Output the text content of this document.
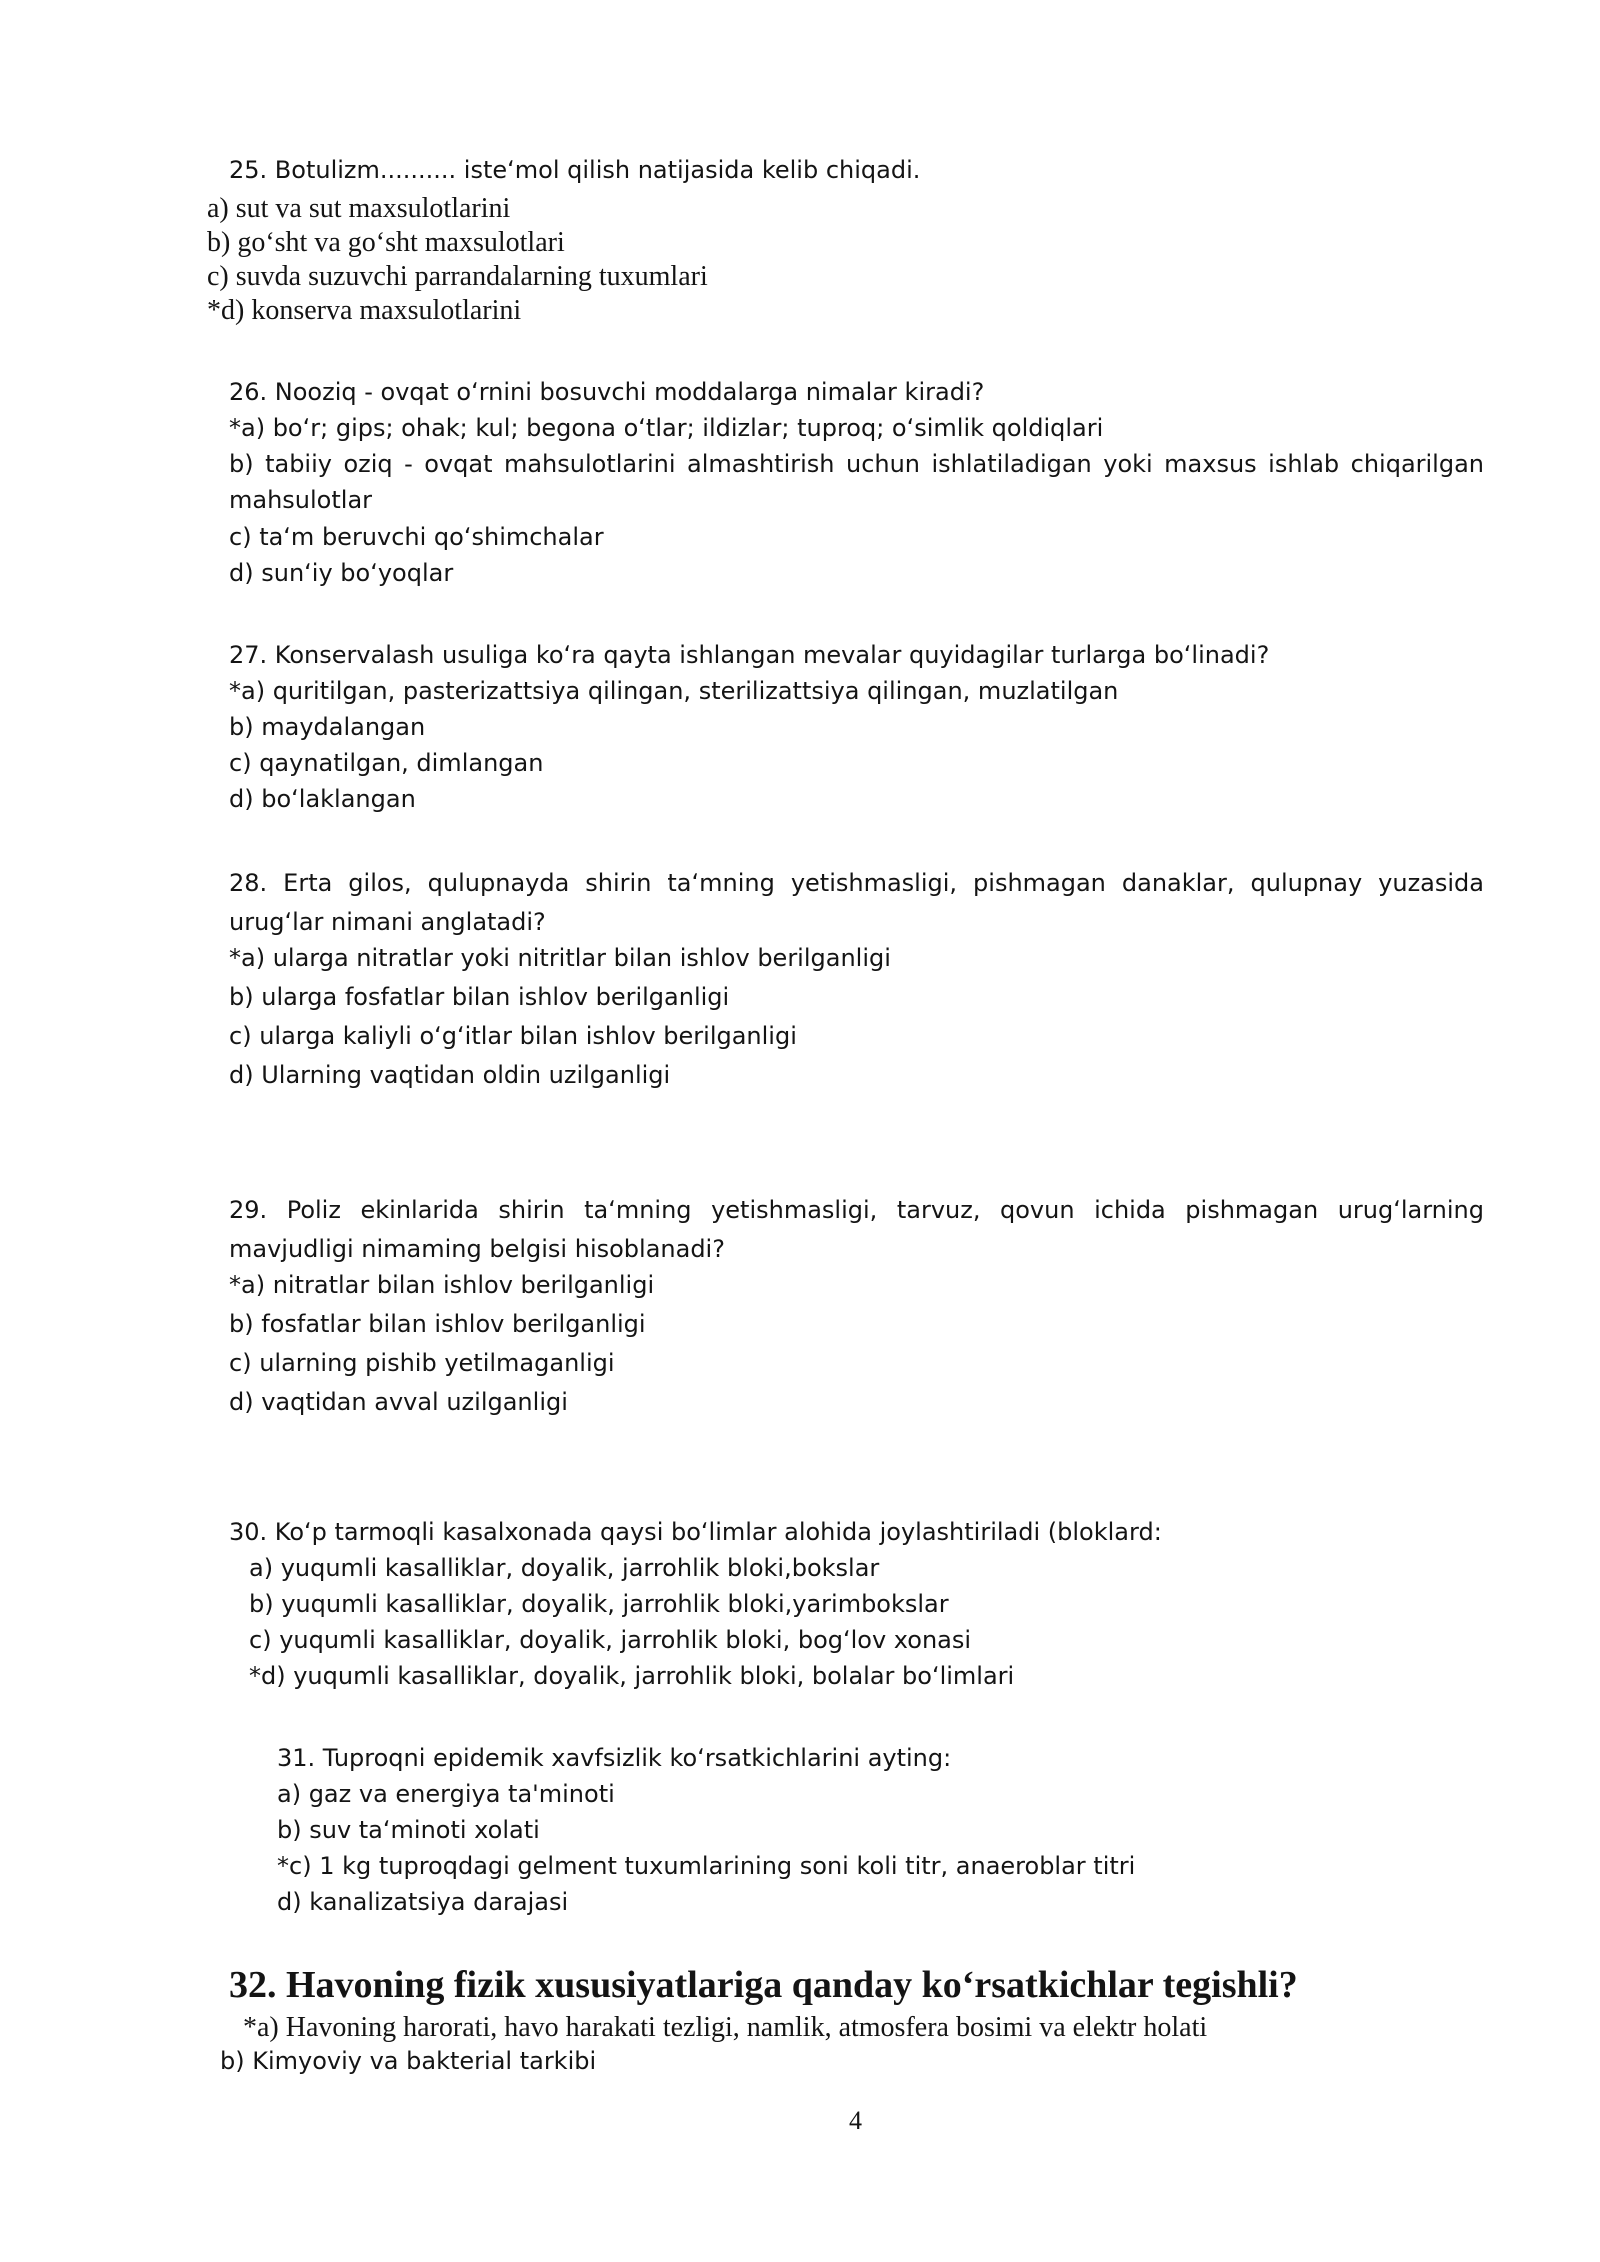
25. Botulizm.......... isteʻmol qilish natijasida kelib chiqadi.
a) sut va sut maxsulotlarini
b) goʻsht va goʻsht maxsulotlari
c) suvda suzuvchi parrandalarning tuxumlari
*d) konserva maxsulotlarini
26. Nooziq - ovqat oʻrnini bosuvchi moddalarga nimalar kiradi?
*a) boʻr; gips; ohak; kul; begona oʻtlar; ildizlar; tuproq; oʻsimlik qoldiqlari
b) tabiiy oziq - ovqat mahsulotlarini almashtirish uchun ishlatiladigan yoki maxsus ishlab chiqarilgan mahsulotlar
c) taʻm beruvchi qoʻshimchalar
d) sunʻiy boʻyoqlar
27. Konservalash usuliga koʻra qayta ishlangan mevalar quyidagilar turlarga boʻlinadi?
*a) quritilgan, pasterizattsiya qilingan, sterilizattsiya qilingan, muzlatilgan
b) maydalangan
c) qaynatilgan, dimlangan
d) boʻlaklangan
28. Erta gilos, qulupnayda shirin taʻmning yetishmasligi, pishmagan danaklar, qulupnay yuzasida urugʻlar nimani anglatadi?
*a) ularga nitratlar yoki nitritlar bilan ishlov berilganligi
b) ularga fosfatlar bilan ishlov berilganligi
c) ularga kaliyli oʻgʻitlar bilan ishlov berilganligi
d) Ularning vaqtidan oldin uzilganligi
29. Poliz ekinlarida shirin taʻmning yetishmasligi, tarvuz, qovun ichida pishmagan urugʻlarning mavjudligi nimaming belgisi hisoblanadi?
*a) nitratlar bilan ishlov berilganligi
b) fosfatlar bilan ishlov berilganligi
c) ularning pishib yetilmaganligi
d) vaqtidan avval uzilganligi
30. Koʻp tarmoqli kasalxonada qaysi boʻlimlar alohida joylashtiriladi (bloklard:
a) yuqumli kasalliklar, doyalik, jarrohlik bloki,bokslar
b) yuqumli kasalliklar, doyalik, jarrohlik bloki,yarimbokslar
c) yuqumli kasalliklar, doyalik, jarrohlik bloki, bogʻlov xonasi
*d) yuqumli kasalliklar, doyalik, jarrohlik bloki, bolalar boʻlimlari
31. Tuproqni epidemik xavfsizlik koʻrsatkichlarini ayting:
a) gaz va energiya ta'minoti
b) suv taʻminoti xolati
*c) 1 kg tuproqdagi gelment tuxumlarining soni koli titr, anaeroblar titri
d) kanalizatsiya darajasi
32. Havoning fizik xususiyatlariga qanday koʻrsatkichlar tegishli?
*a) Havoning harorati, havo harakati tezligi, namlik, atmosfera bosimi va elektr holati
b) Kimyoviy va bakterial tarkibi
4
